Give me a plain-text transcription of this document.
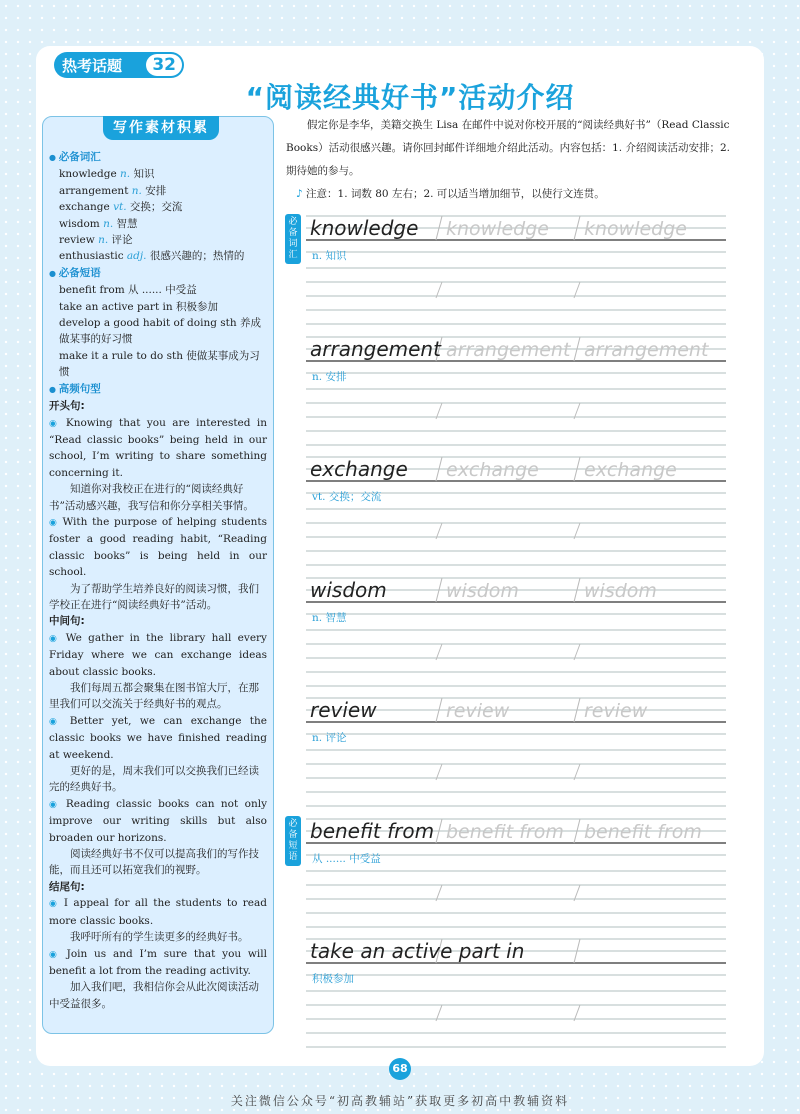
热考话题	32
“阅读经典好书”活动介绍
写作素材积累
● 必备词汇
knowledge n. 知识
arrangement n. 安排
exchange vt. 交换；交流
wisdom n. 智慧
review n. 评论
enthusiastic adj. 很感兴趣的；热情的
● 必备短语
benefit from 从 ...... 中受益
take an active part in 积极参加
develop a good habit of doing sth 养成做某事的好习惯
make it a rule to do sth 使做某事成为习惯
● 高频句型
开头句:
◉ Knowing that you are interested in “Read classic books” being held in our school, I’m writing to share something concerning it.
知道你对我校正在进行的“阅读经典好书”活动感兴趣，我写信和你分享相关事情。
◉ With the purpose of helping students foster a good reading habit, “Reading classic books” is being held in our school.
为了帮助学生培养良好的阅读习惯，我们学校正在进行“阅读经典好书”活动。
中间句:
◉ We gather in the library hall every Friday where we can exchange ideas about classic books.
我们每周五都会聚集在图书馆大厅，在那里我们可以交流关于经典好书的观点。
◉ Better yet, we can exchange the classic books we have finished reading at weekend.
更好的是，周末我们可以交换我们已经读完的经典好书。
◉ Reading classic books can not only improve our writing skills but also broaden our horizons.
阅读经典好书不仅可以提高我们的写作技能，而且还可以拓宽我们的视野。
结尾句:
◉ I appeal for all the students to read more classic books.
我呼吁所有的学生读更多的经典好书。
◉ Join us and I’m sure that you will benefit a lot from the reading activity.
加入我们吧，我相信你会从此次阅读活动中受益很多。

假定你是李华，美籍交换生 Lisa 在邮件中说对你校开展的“阅读经典好书”（Read Classic Books）活动很感兴趣。请你回封邮件详细地介绍此活动。内容包括：1. 介绍阅读活动安排；2. 期待她的参与。

♪ 注意：1. 词数 80 左右；2. 可以适当增加细节，以使行文连贯。

必备词汇
必备短语
knowledge knowledge knowledge
n. 知识
arrangement arrangement arrangement
n. 安排
exchange exchange exchange
vt. 交换；交流
wisdom	wisdom	wisdom
n. 智慧
review	review	review
n. 评论
benefit from benefit from benefit from
从 ...... 中受益
take an active part in
积极参加
68
关注微信公众号“初高教辅站”获取更多初高中教辅资料
